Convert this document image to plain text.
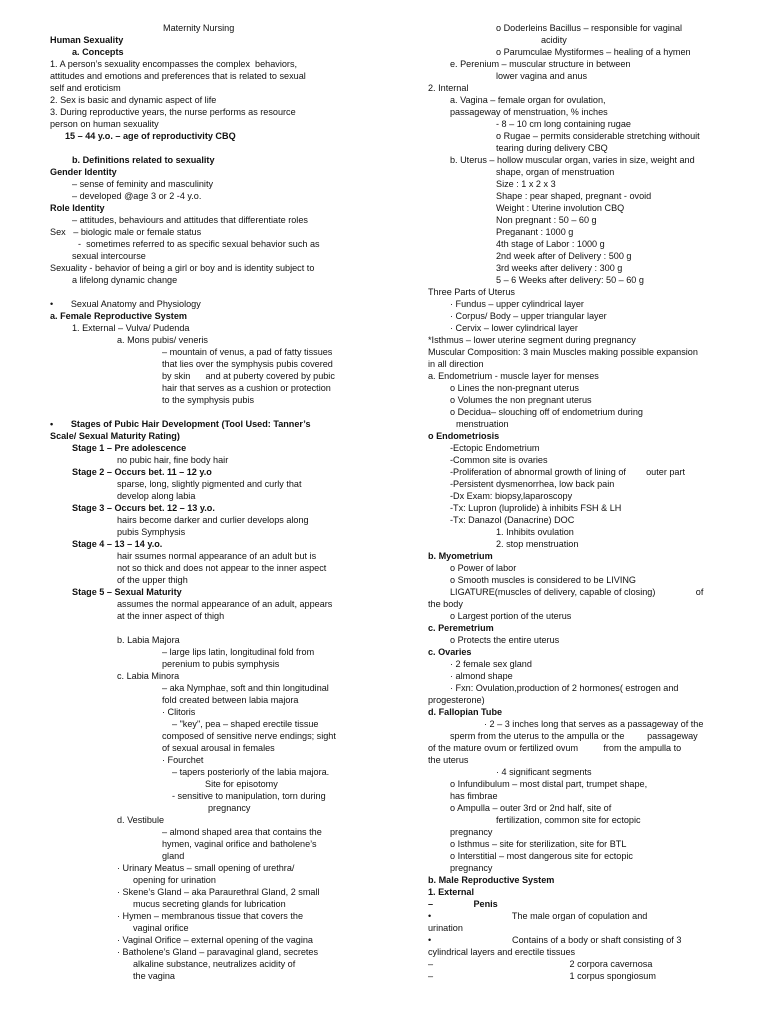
Maternity Nursing
Human Sexuality
a. Concepts
1. A person’s sexuality encompasses the complex  behaviors,
attitudes and emotions and preferences that is related to sexual
self and eroticism
2. Sex is basic and dynamic aspect of life
3. During reproductive years, the nurse performs as resource
person on human sexuality
15 – 44 y.o. – age of reproductivity CBQ
b. Definitions related to sexuality
Gender Identity
– sense of feminity and masculinity
– developed @age 3 or 2 -4 y.o.
Role Identity
– attitudes, behaviours and attitudes that differentiate roles
Sex   – biologic male or female status
-  sometimes referred to as specific sexual behavior such as
sexual intercourse
Sexuality - behavior of being a girl or boy and is identity subject to
a lifelong dynamic change
•       Sexual Anatomy and Physiology
a. Female Reproductive System
1. External – Vulva/ Pudenda
a. Mons pubis/ veneris
– mountain of venus, a pad of fatty tissues
that lies over the symphysis pubis covered
by skin      and at puberty covered by pubic
hair that serves as a cushion or protection
to the symphysis pubis
•       Stages of Pubic Hair Development (Tool Used: Tanner’s
Scale/ Sexual Maturity Rating)
Stage 1 – Pre adolescence
no pubic hair, fine body hair
Stage 2 – Occurs bet. 11 – 12 y.o
sparse, long, slightly pigmented and curly that
develop along labia
Stage 3 – Occurs bet. 12 – 13 y.o.
hairs become darker and curlier develops along
pubis Symphysis
Stage 4 – 13 – 14 y.o.
hair ssumes normal appearance of an adult but is
not so thick and does not appear to the inner aspect
of the upper thigh
Stage 5 – Sexual Maturity
assumes the normal appearance of an adult, appears
at the inner aspect of thigh
b. Labia Majora
– large lips latin, longitudinal fold from
perenium to pubis symphysis
c. Labia Minora
– aka Nymphae, soft and thin longitudinal
fold created between labia majora
· Clitoris
– "key", pea – shaped erectile tissue
composed of sensitive nerve endings; sight
of sexual arousal in females
· Fourchet
– tapers posteriorly of the labia majora.
Site for episotomy
- sensitive to manipulation, torn during
pregnancy
d. Vestibule
– almond shaped area that contains the
hymen, vaginal orifice and batholene’s
gland
· Urinary Meatus – small opening of urethra/
opening for urination
· Skene’s Gland – aka Paraurethral Gland, 2 small
mucus secreting glands for lubrication
· Hymen – membranous tissue that covers the
vaginal orifice
· Vaginal Orifice – external opening of the vagina
· Batholene’s Gland – paravaginal gland, secretes
alkaline substance, neutralizes acidity of
the vagina
o Doderleins Bacillus – responsible for vaginal
acidity
o Parumculae Mystiformes – healing of a hymen
e. Perenium – muscular structure in between
lower vagina and anus
2. Internal
a. Vagina – female organ for ovulation,
passageway of menstruation, % inches
- 8 – 10 cm long containing rugae
o Rugae – permits considerable stretching withouit
tearing during delivery CBQ
b. Uterus – hollow muscular organ, varies in size, weight and
shape, organ of menstruation
Size : 1 x 2 x 3
Shape : pear shaped, pregnant - ovoid
Weight : Uterine involution CBQ
Non pregnant : 50 – 60 g
Preganant : 1000 g
4th stage of Labor : 1000 g
2nd week after of Delivery : 500 g
3rd weeks after delivery : 300 g
5 – 6 Weeks after delivery: 50 – 60 g
Three Parts of Uterus
· Fundus – upper cylindrical layer
· Corpus/ Body – upper triangular layer
· Cervix – lower cylindrical layer
*Isthmus – lower uterine segment during pregnancy
Muscular Composition: 3 main Muscles making possible expansion
in all direction
a. Endometrium - muscle layer for menses
o Lines the non-pregnant uterus
o Volumes the non pregnant uterus
o Decidua– slouching off of endometrium during
menstruation
o Endometriosis
-Ectopic Endometrium
-Common site is ovaries
-Proliferation of abnormal growth of lining of        outer part
-Persistent dysmenorrhea, low back pain
-Dx Exam: biopsy,laparoscopy
-Tx: Lupron (luprolide) à inhibits FSH & LH
-Tx: Danazol (Danacrine) DOC
1. Inhibits ovulation
2. stop menstruation
b. Myometrium
o Power of labor
o Smooth muscles is considered to be LIVING
LIGATURE(muscles of delivery, capable of closing)                of
the body
o Largest portion of the uterus
c. Peremetrium
o Protects the entire uterus
c. Ovaries
· 2 female sex gland
· almond shape
· Fxn: Ovulation,production of 2 hormones( estrogen and
progesterone)
d. Fallopian Tube
· 2 – 3 inches long that serves as a passageway of the
sperm from the uterus to the ampulla or the         passageway
of the mature ovum or fertilized ovum          from the ampulla to
the uterus
· 4 significant segments
o Infundibulum – most distal part, trumpet shape,
has fimbrae
o Ampulla – outer 3rd or 2nd half, site of
fertilization, common site for ectopic
pregnancy
o Isthmus – site for sterilization, site for BTL
o Interstitial – most dangerous site for ectopic
pregnancy
b. Male Reproductive System
1. External
–                Penis
•                                The male organ of copulation and
urination
•                                Contains of a body or shaft consisting of 3
cylindrical layers and erectile tissues
–                                                      2 corpora cavernosa
–                                                      1 corpus spongiosum
